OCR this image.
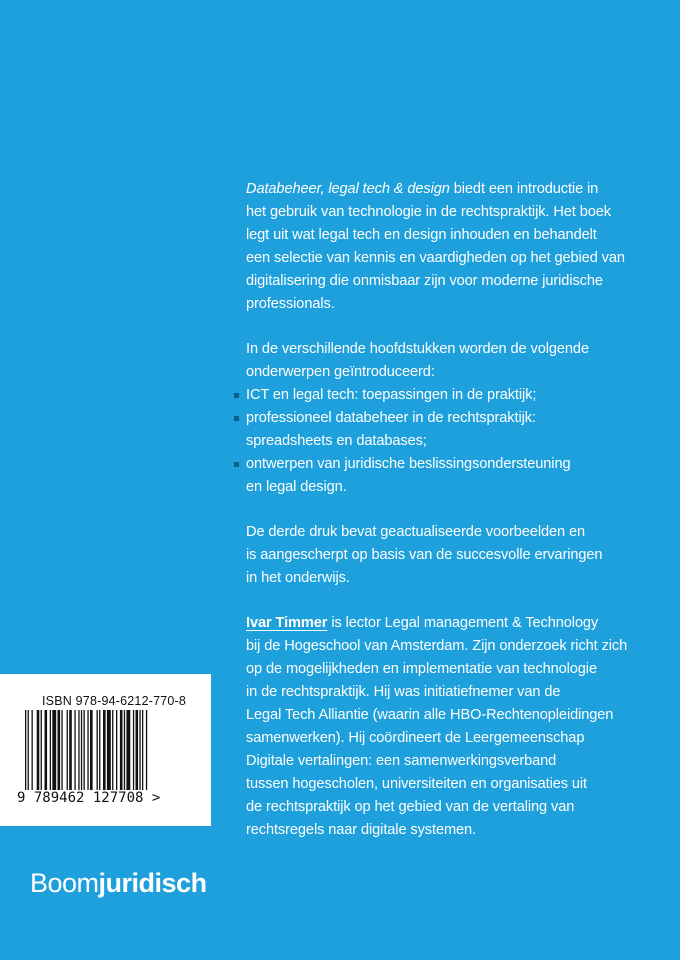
Databeheer, legal tech & design biedt een introductie in
het gebruik van technologie in de rechtspraktijk. Het boek
legt uit wat legal tech en design inhouden en behandelt
een selectie van kennis en vaardigheden op het gebied van
digitalisering die onmisbaar zijn voor moderne juridische
professionals.

In de verschillende hoofdstukken worden de volgende
onderwerpen geïntroduceerd:

ICT en legal tech: toepassingen in de praktijk;
professioneel databeheer in de rechtspraktijk:
spreadsheets en databases;
ontwerpen van juridische beslissingsondersteuning
en legal design.

De derde druk bevat geactualiseerde voorbeelden en
is aangescherpt op basis van de succesvolle ervaringen
in het onderwijs.

Ivar Timmer is lector Legal management & Technology
bij de Hogeschool van Amsterdam. Zijn onderzoek richt zich
op de mogelijkheden en implementatie van technologie
in de rechtspraktijk. Hij was initiatiefnemer van de
Legal Tech Alliantie (waarin alle HBO-Rechtenopleidingen
samenwerken). Hij coördineert de Leergemeenschap
Digitale vertalingen: een samenwerkingsverband
tussen hogescholen, universiteiten en organisaties uit
de rechtspraktijk op het gebied van de vertaling van
rechtsregels naar digitale systemen.

ISBN 978-94-6212-770-8
9 789462 127708 >
Boomjuridisch
